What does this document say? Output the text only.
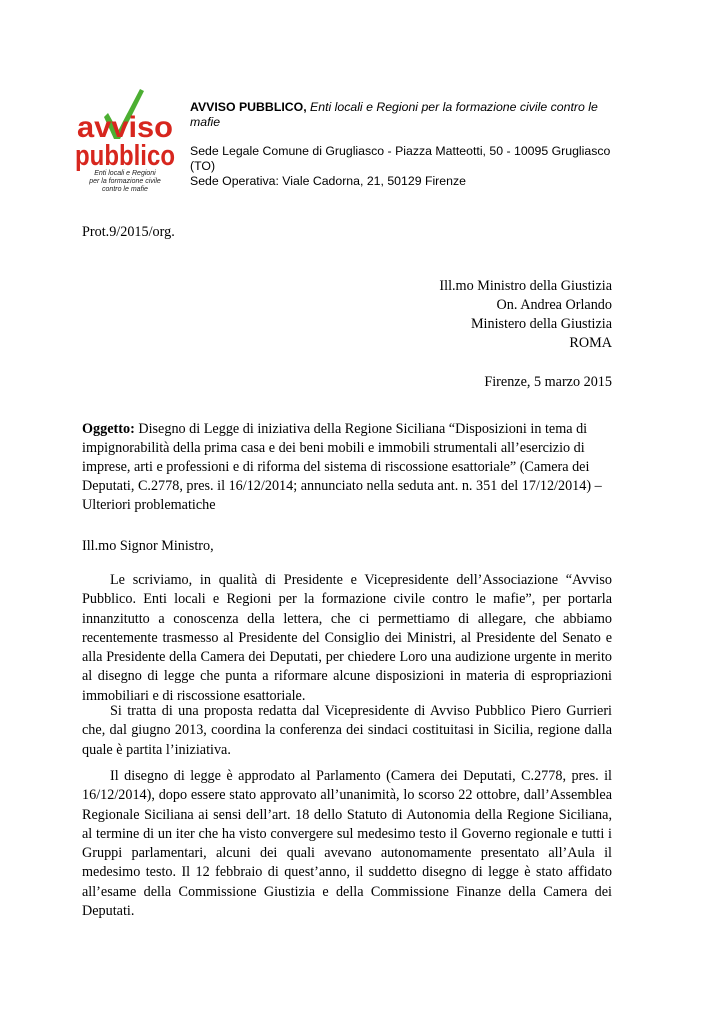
avviso
pubblico
Enti locali e Regioni
per la formazione civile
contro le mafie

AVVISO PUBBLICO, Enti locali e Regioni per la formazione civile contro le mafie

Sede Legale Comune di Grugliasco - Piazza Matteotti, 50 - 10095 Grugliasco

(TO)

Sede Operativa: Viale Cadorna, 21, 50129 Firenze

Prot.9/2015/org.

Ill.mo Ministro della Giustizia

On. Andrea Orlando

Ministero della Giustizia

ROMA

Firenze, 5 marzo 2015
Oggetto: Disegno di Legge di iniziativa della Regione Siciliana “Disposizioni in tema di impignorabilità della prima casa e dei beni mobili e immobili strumentali all’esercizio di imprese, arti e professioni e di riforma del sistema di riscossione esattoriale” (Camera dei Deputati, C.2778, pres. il 16/12/2014; annunciato nella seduta ant. n. 351 del 17/12/2014) – Ulteriori problematiche
Ill.mo Signor Ministro,

Le scriviamo, in qualità di Presidente e Vicepresidente dell’Associazione “Avviso Pubblico. Enti locali e Regioni per la formazione civile contro le mafie”, per portarla innanzitutto a conoscenza della lettera, che ci permettiamo di allegare, che abbiamo recentemente trasmesso al Presidente del Consiglio dei Ministri, al Presidente del Senato e alla Presidente della Camera dei Deputati, per chiedere Loro una audizione urgente in merito al disegno di legge che punta a riformare alcune disposizioni in materia di espropriazioni immobiliari e di riscossione esattoriale.

Si tratta di una proposta redatta dal Vicepresidente di Avviso Pubblico Piero Gurrieri che, dal giugno 2013, coordina la conferenza dei sindaci costituitasi in Sicilia, regione dalla quale è partita l’iniziativa.

Il disegno di legge è approdato al Parlamento (Camera dei Deputati, C.2778, pres. il 16/12/2014), dopo essere stato approvato all’unanimità, lo scorso 22 ottobre, dall’Assemblea Regionale Siciliana ai sensi dell’art. 18 dello Statuto di Autonomia della Regione Siciliana, al termine di un iter che ha visto convergere sul medesimo testo il Governo regionale e tutti i Gruppi parlamentari, alcuni dei quali avevano autonomamente presentato all’Aula il medesimo testo. Il 12 febbraio di quest’anno, il suddetto disegno di legge è stato affidato all’esame della Commissione Giustizia e della Commissione Finanze della Camera dei Deputati.
